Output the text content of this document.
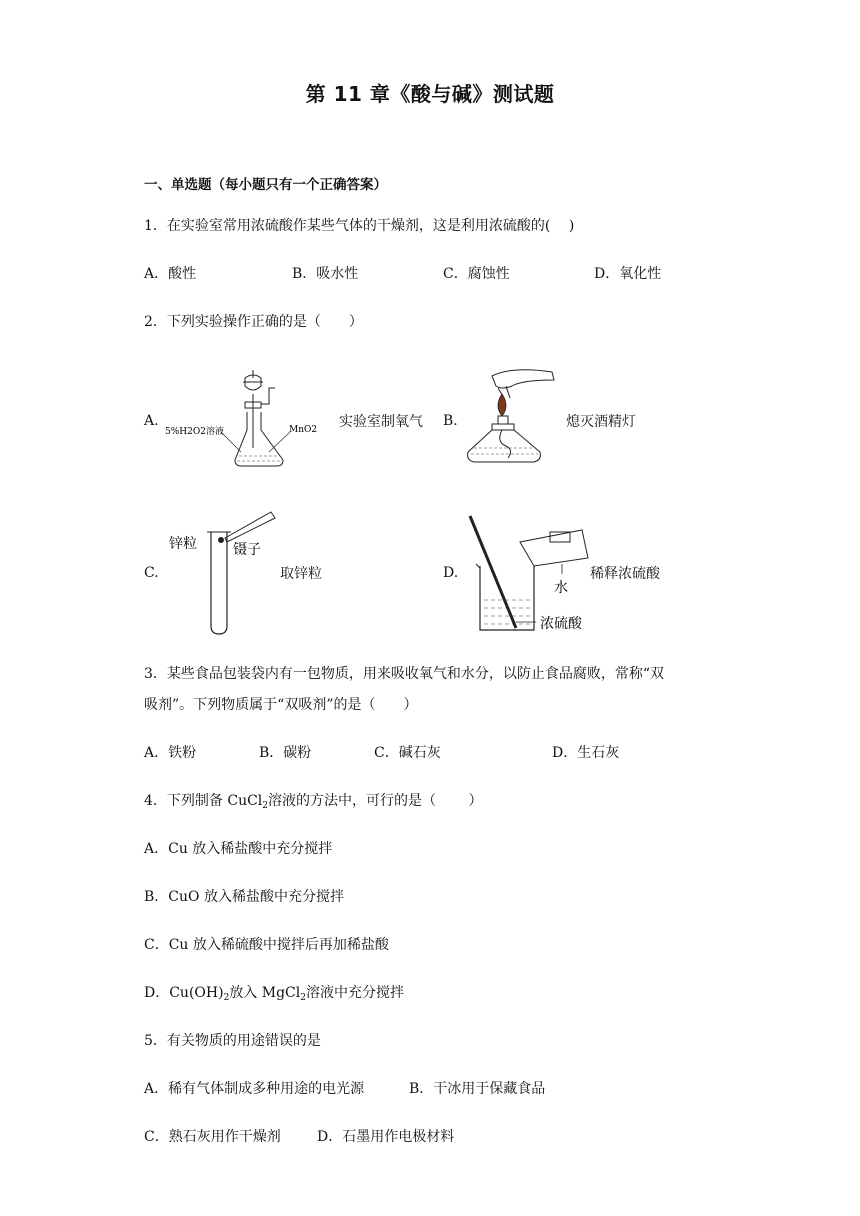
第 11 章《酸与碱》测试题
一、单选题（每小题只有一个正确答案）
1．在实验室常用浓硫酸作某些气体的干燥剂，这是利用浓硫酸的(　 )
A．酸性	B．吸水性	C．腐蚀性	D．氧化性
2．下列实验操作正确的是（　　）
A.
5%H2O2溶液	MnO2 实验室制氧气 B.	熄灭酒精灯
C.
锌粒	镊子
取锌粒	D.
水
浓硫酸
稀释浓硫酸
3．某些食品包装袋内有一包物质，用来吸收氧气和水分，以防止食品腐败，常称“双
吸剂”。下列物质属于“双吸剂”的是（　　）
A．铁粉	B．碳粉	C．碱石灰	D．生石灰
4．下列制备 CuCl$_2$溶液的方法中，可行的是（　　 ）
A．Cu 放入稀盐酸中充分搅拌
B．CuO 放入稀盐酸中充分搅拌
C．Cu 放入稀硫酸中搅拌后再加稀盐酸
D．$Cu(OH)_2$放入 MgCl$_2$溶液中充分搅拌
5．有关物质的用途错误的是
A．稀有气体制成多种用途的电光源	B．干冰用于保藏食品
C．熟石灰用作干燥剂	D．石墨用作电极材料
